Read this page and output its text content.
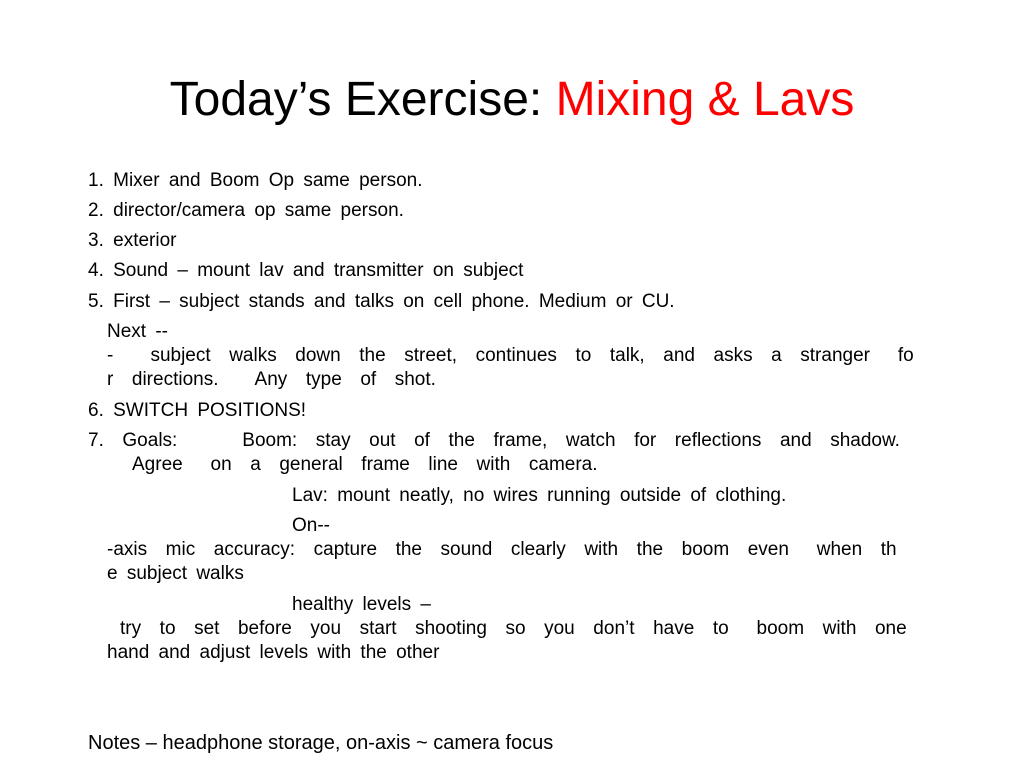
Today’s Exercise: Mixing & Lavs
1. Mixer and Boom Op same person.
2. director/camera op same person.
3. exterior
4. Sound – mount lav and transmitter on subject
5. First – subject stands and talks on cell phone. Medium or CU.
Next --
-    subject  walks  down  the  street,  continues  to  talk,  and  asks  a  stranger   fo
r  directions.    Any  type  of  shot.
6. SWITCH POSITIONS!
7.  Goals:       Boom:  stay  out  of  the  frame,  watch  for  reflections  and  shadow.
Agree   on  a  general  frame  line  with  camera.
Lav: mount neatly, no wires running outside of clothing.
On--
-axis  mic  accuracy:  capture  the  sound  clearly  with  the  boom  even   when  th
e subject walks
healthy levels –
try  to  set  before  you  start  shooting  so  you  don’t  have  to   boom  with  one
hand and adjust levels with the other
Notes – headphone storage, on-axis ~ camera focus
